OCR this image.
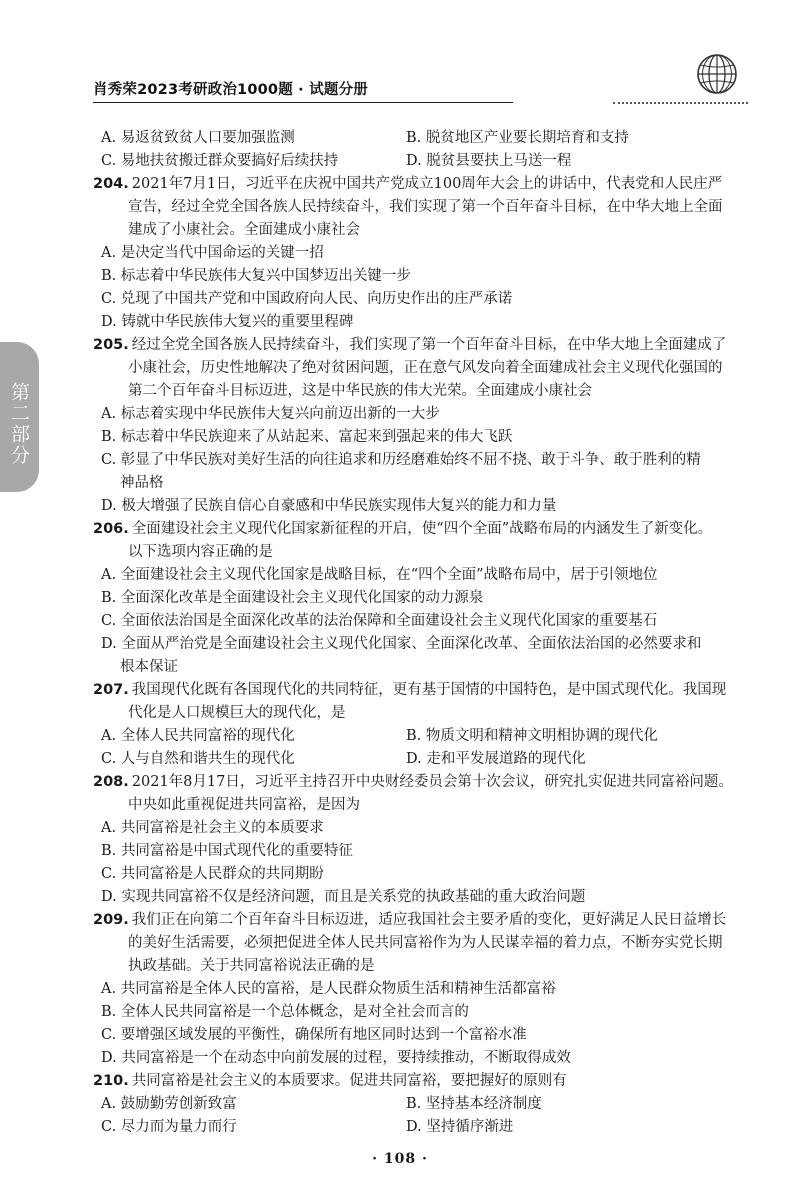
肖秀荣2023考研政治1000题 · 试题分册
第二部分
A. 易返贫致贫人口要加强监测	B. 脱贫地区产业要长期培育和支持
C. 易地扶贫搬迁群众要搞好后续扶持	D. 脱贫县要扶上马送一程
204. 2021年7月1日，习近平在庆祝中国共产党成立100周年大会上的讲话中，代表党和人民庄严
宣告，经过全党全国各族人民持续奋斗，我们实现了第一个百年奋斗目标，在中华大地上全面
建成了小康社会。全面建成小康社会
A. 是决定当代中国命运的关键一招
B. 标志着中华民族伟大复兴中国梦迈出关键一步
C. 兑现了中国共产党和中国政府向人民、向历史作出的庄严承诺
D. 铸就中华民族伟大复兴的重要里程碑
205. 经过全党全国各族人民持续奋斗，我们实现了第一个百年奋斗目标，在中华大地上全面建成了
小康社会，历史性地解决了绝对贫困问题，正在意气风发向着全面建成社会主义现代化强国的
第二个百年奋斗目标迈进，这是中华民族的伟大光荣。全面建成小康社会
A. 标志着实现中华民族伟大复兴向前迈出新的一大步
B. 标志着中华民族迎来了从站起来、富起来到强起来的伟大飞跃
C. 彰显了中华民族对美好生活的向往追求和历经磨难始终不屈不挠、敢于斗争、敢于胜利的精
神品格
D. 极大增强了民族自信心自豪感和中华民族实现伟大复兴的能力和力量
206. 全面建设社会主义现代化国家新征程的开启，使“四个全面”战略布局的内涵发生了新变化。
以下选项内容正确的是
A. 全面建设社会主义现代化国家是战略目标，在“四个全面”战略布局中，居于引领地位
B. 全面深化改革是全面建设社会主义现代化国家的动力源泉
C. 全面依法治国是全面深化改革的法治保障和全面建设社会主义现代化国家的重要基石
D. 全面从严治党是全面建设社会主义现代化国家、全面深化改革、全面依法治国的必然要求和
根本保证
207. 我国现代化既有各国现代化的共同特征，更有基于国情的中国特色，是中国式现代化。我国现
代化是人口规模巨大的现代化，是
A. 全体人民共同富裕的现代化	B. 物质文明和精神文明相协调的现代化
C. 人与自然和谐共生的现代化	D. 走和平发展道路的现代化
208. 2021年8月17日，习近平主持召开中央财经委员会第十次会议，研究扎实促进共同富裕问题。
中央如此重视促进共同富裕，是因为
A. 共同富裕是社会主义的本质要求
B. 共同富裕是中国式现代化的重要特征
C. 共同富裕是人民群众的共同期盼
D. 实现共同富裕不仅是经济问题，而且是关系党的执政基础的重大政治问题
209. 我们正在向第二个百年奋斗目标迈进，适应我国社会主要矛盾的变化，更好满足人民日益增长
的美好生活需要，必须把促进全体人民共同富裕作为为人民谋幸福的着力点，不断夯实党长期
执政基础。关于共同富裕说法正确的是
A. 共同富裕是全体人民的富裕，是人民群众物质生活和精神生活都富裕
B. 全体人民共同富裕是一个总体概念，是对全社会而言的
C. 要增强区域发展的平衡性，确保所有地区同时达到一个富裕水准
D. 共同富裕是一个在动态中向前发展的过程，要持续推动，不断取得成效
210. 共同富裕是社会主义的本质要求。促进共同富裕，要把握好的原则有
A. 鼓励勤劳创新致富	B. 坚持基本经济制度
C. 尽力而为量力而行	D. 坚持循序渐进
· 108 ·
